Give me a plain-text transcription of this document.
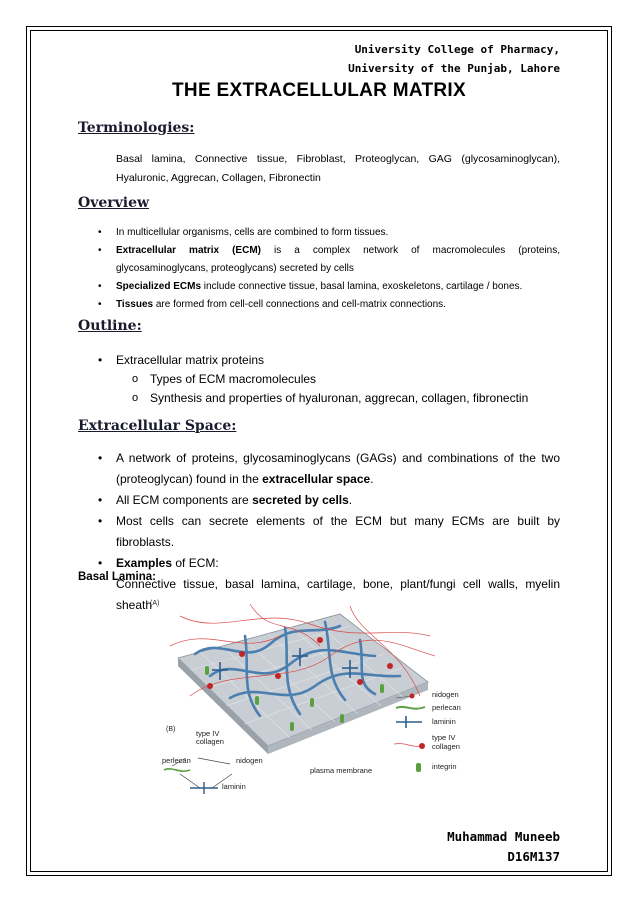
University College of Pharmacy,
University of the Punjab, Lahore
THE EXTRACELLULAR MATRIX
Terminologies:
Basal lamina, Connective tissue, Fibroblast, Proteoglycan, GAG (glycosaminoglycan), Hyaluronic, Aggrecan, Collagen, Fibronectin
Overview
• In multicellular organisms, cells are combined to form tissues.
• Extracellular matrix (ECM) is a complex network of macromolecules (proteins, glycosaminoglycans, proteoglycans) secreted by cells
• Specialized ECMs include connective tissue, basal lamina, exoskeletons, cartilage / bones.
• Tissues are formed from cell-cell connections and cell-matrix connections.
Outline:
• Extracellular matrix proteins
o Types of ECM macromolecules
o Synthesis and properties of hyaluronan, aggrecan, collagen, fibronectin
Extracellular Space:
• A network of proteins, glycosaminoglycans (GAGs) and combinations of the two (proteoglycan) found in the extracellular space.
• All ECM components are secreted by cells.
• Most cells can secrete elements of the ECM but many ECMs are built by fibroblasts.
• Examples of ECM:
Connective tissue, basal lamina, cartilage, bone, plant/fungi cell walls, myelin sheath
Basal Lamina:
(A)
(B)
nidogen
perlecan
laminin
type IV
collagen
integrin
plasma membrane
type IV
collagen
perlecan	nidogen
laminin
Muhammad Muneeb
D16M137
